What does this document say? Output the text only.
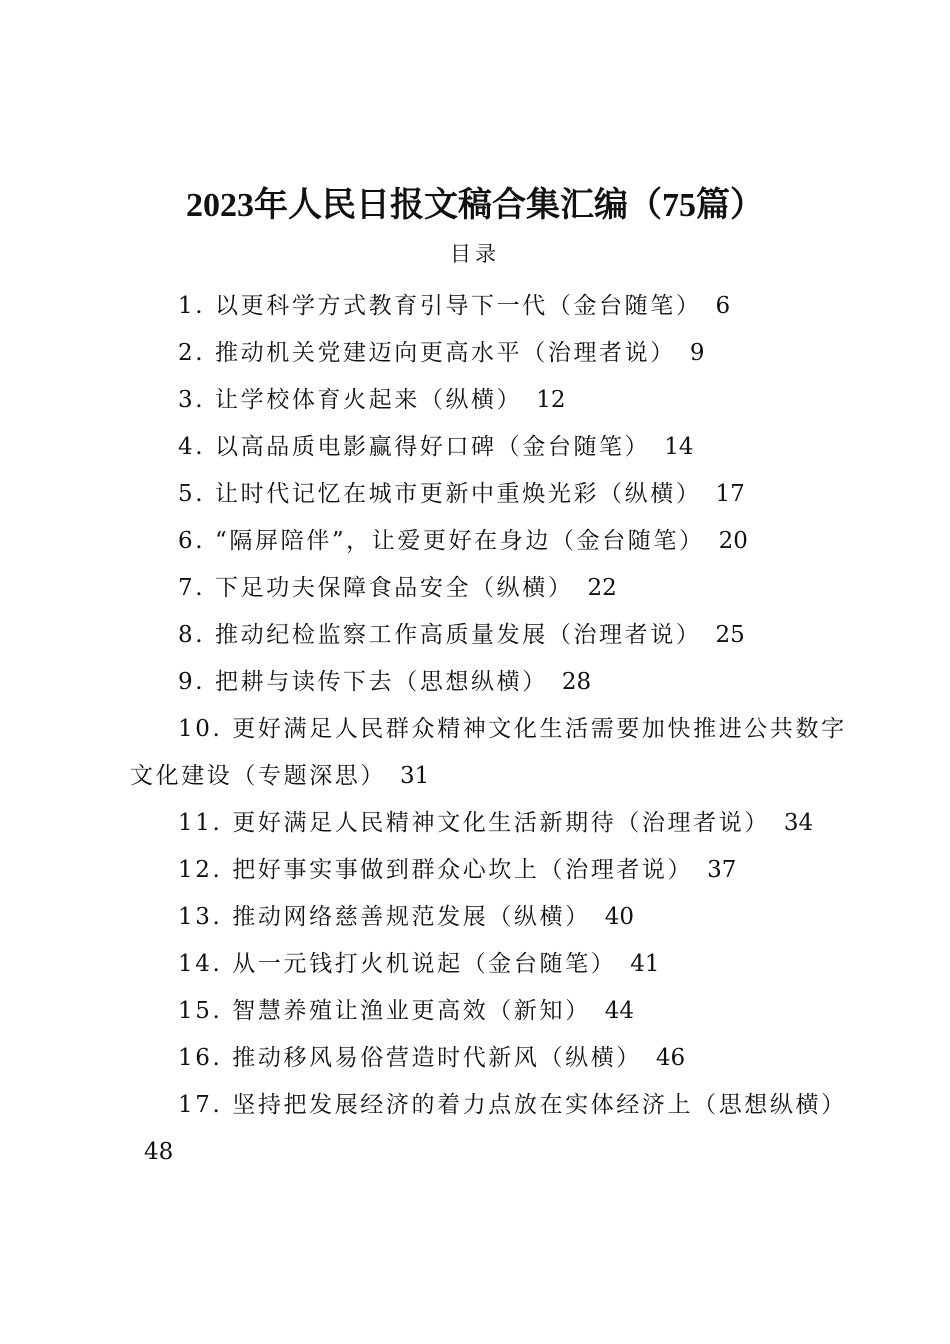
2023年人民日报文稿合集汇编（75篇）
目录
1. 以更科学方式教育引导下一代（金台随笔） 6
2. 推动机关党建迈向更高水平（治理者说） 9
3. 让学校体育火起来（纵横） 12
4. 以高品质电影赢得好口碑（金台随笔） 14
5. 让时代记忆在城市更新中重焕光彩（纵横） 17
6. “隔屏陪伴”，让爱更好在身边（金台随笔） 20
7. 下足功夫保障食品安全（纵横） 22
8. 推动纪检监察工作高质量发展（治理者说） 25
9. 把耕与读传下去（思想纵横） 28
10. 更好满足人民群众精神文化生活需要加快推进公共数字文化建设（专题深思） 31
11. 更好满足人民精神文化生活新期待（治理者说） 34
12. 把好事实事做到群众心坎上（治理者说） 37
13. 推动网络慈善规范发展（纵横） 40
14. 从一元钱打火机说起（金台随笔） 41
15. 智慧养殖让渔业更高效（新知） 44
16. 推动移风易俗营造时代新风（纵横） 46
17. 坚持把发展经济的着力点放在实体经济上（思想纵横）48
